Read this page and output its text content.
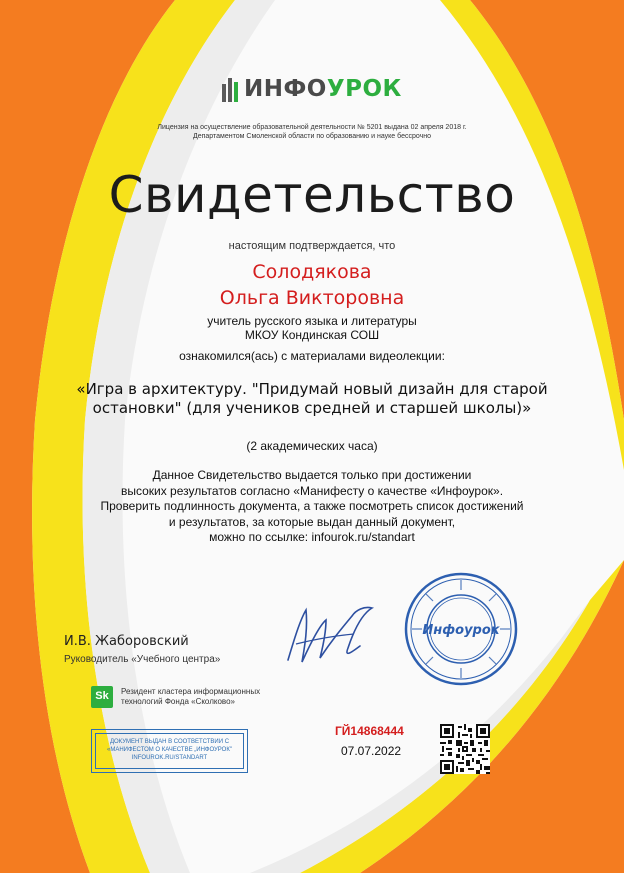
ИНФОУРОК
Лицензия на осуществление образовательной деятельности № 5201 выдана 02 апреля 2018 г.
Департаментом Смоленской области по образованию и науке бессрочно
Свидетельство
настоящим подтверждается, что
Солодякова
Ольга Викторовна
учитель русского языка и литературы
МКОУ Кондинская СОШ
ознакомился(ась) с материалами видеолекции:
«Игра в архитектуру. "Придумай новый дизайн для старой
остановки" (для учеников средней и старшей школы)»
(2 академических часа)
Данное Свидетельство выдается только при достижении
высоких результатов согласно «Манифесту о качестве «Инфоурок».
Проверить подлинность документа, а также посмотреть список достижений
и результатов, за которые выдан данный документ,
можно по ссылке: infourok.ru/standart
Инфоурок
И.В. Жаборовский
Руководитель «Учебного центра»
Sk	Резидент кластера информационных
технологий Фонда «Сколково»
ДОКУМЕНТ ВЫДАН В СООТВЕТСТВИИ С
«МАНИФЕСТОМ О КАЧЕСТВЕ „ИНФОУРОК"
INFOUROK.RU/STANDART
ГЙ14868444
07.07.2022
